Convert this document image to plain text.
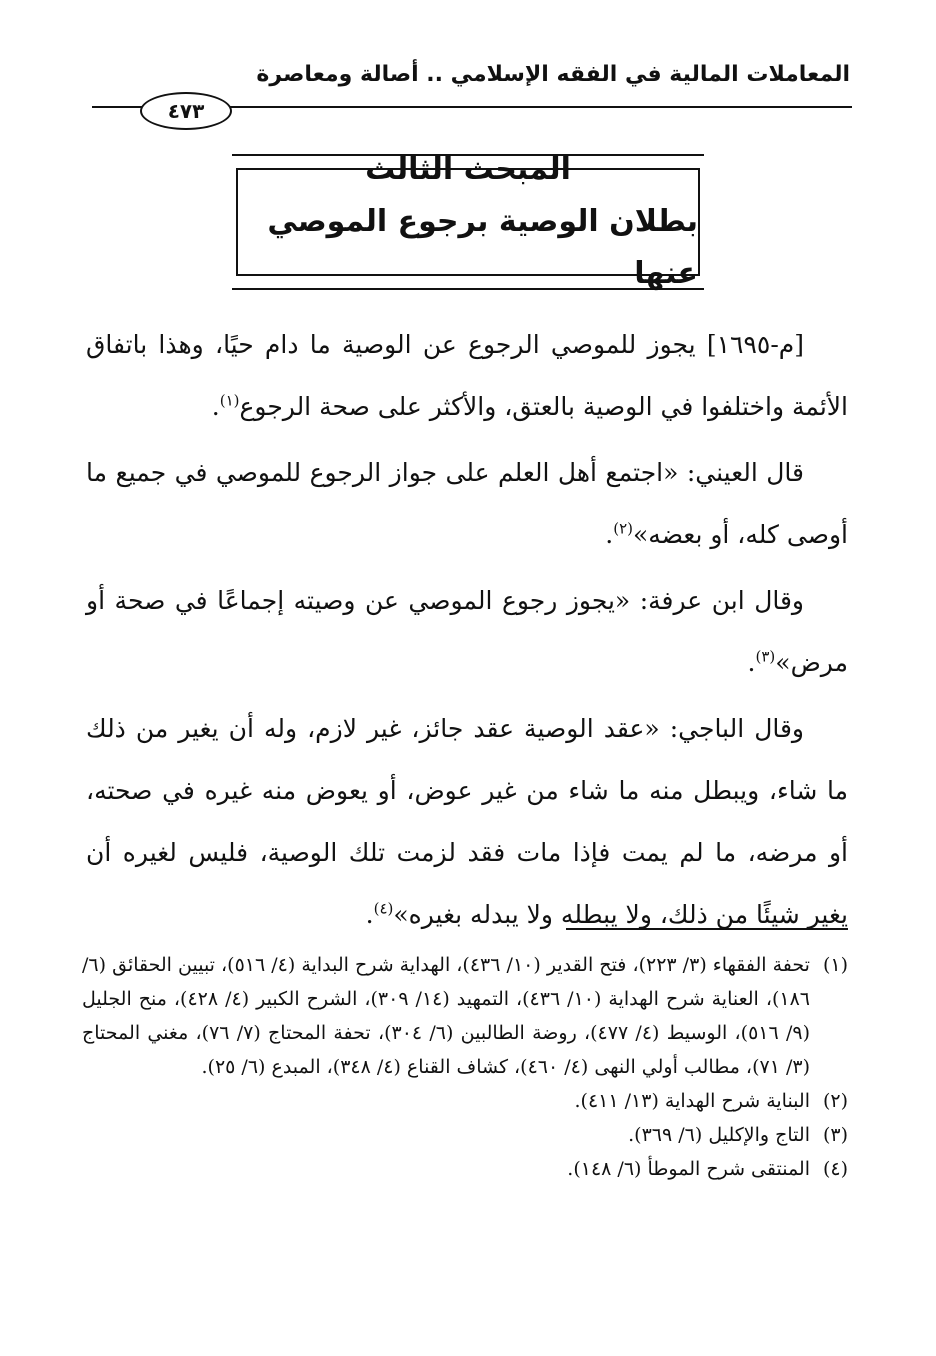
المعاملات المالية في الفقه الإسلامي .. أصالة ومعاصرة
٤٧٣
المبحث الثالث
بطلان الوصية برجوع الموصي عنها

[م-١٦٩٥] يجوز للموصي الرجوع عن الوصية ما دام حيًا، وهذا باتفاق الأئمة واختلفوا في الوصية بالعتق، والأكثر على صحة الرجوع$^{(١)}$.

قال العيني: «اجتمع أهل العلم على جواز الرجوع للموصي في جميع ما أوصى كله، أو بعضه»$^{(٢)}$.

وقال ابن عرفة: «يجوز رجوع الموصي عن وصيته إجماعًا في صحة أو مرض»$^{(٣)}$.

وقال الباجي: «عقد الوصية عقد جائز، غير لازم، وله أن يغير من ذلك ما شاء، ويبطل منه ما شاء من غير عوض، أو يعوض منه غيره في صحته، أو مرضه، ما لم يمت فإذا مات فقد لزمت تلك الوصية، فليس لغيره أن يغير شيئًا من ذلك، ولا يبطله ولا يبدله بغيره»$^{(٤)}$.

(١)
تحفة الفقهاء (٣/ ٢٢٣)، فتح القدير (١٠/ ٤٣٦)، الهداية شرح البداية (٤/ ٥١٦)، تبيين الحقائق (٦/ ١٨٦)، العناية شرح الهداية (١٠/ ٤٣٦)، التمهيد (١٤/ ٣٠٩)، الشرح الكبير (٤/ ٤٢٨)، منح الجليل (٩/ ٥١٦)، الوسيط (٤/ ٤٧٧)، روضة الطالبين (٦/ ٣٠٤)، تحفة المحتاج (٧/ ٧٦)، مغني المحتاج (٣/ ٧١)، مطالب أولي النهى (٤/ ٤٦٠)، كشاف القناع (٤/ ٣٤٨)، المبدع (٦/ ٢٥).

(٢)
البناية شرح الهداية (١٣/ ٤١١).

(٣)
التاج والإكليل (٦/ ٣٦٩).

(٤)
المنتقى شرح الموطأ (٦/ ١٤٨).
